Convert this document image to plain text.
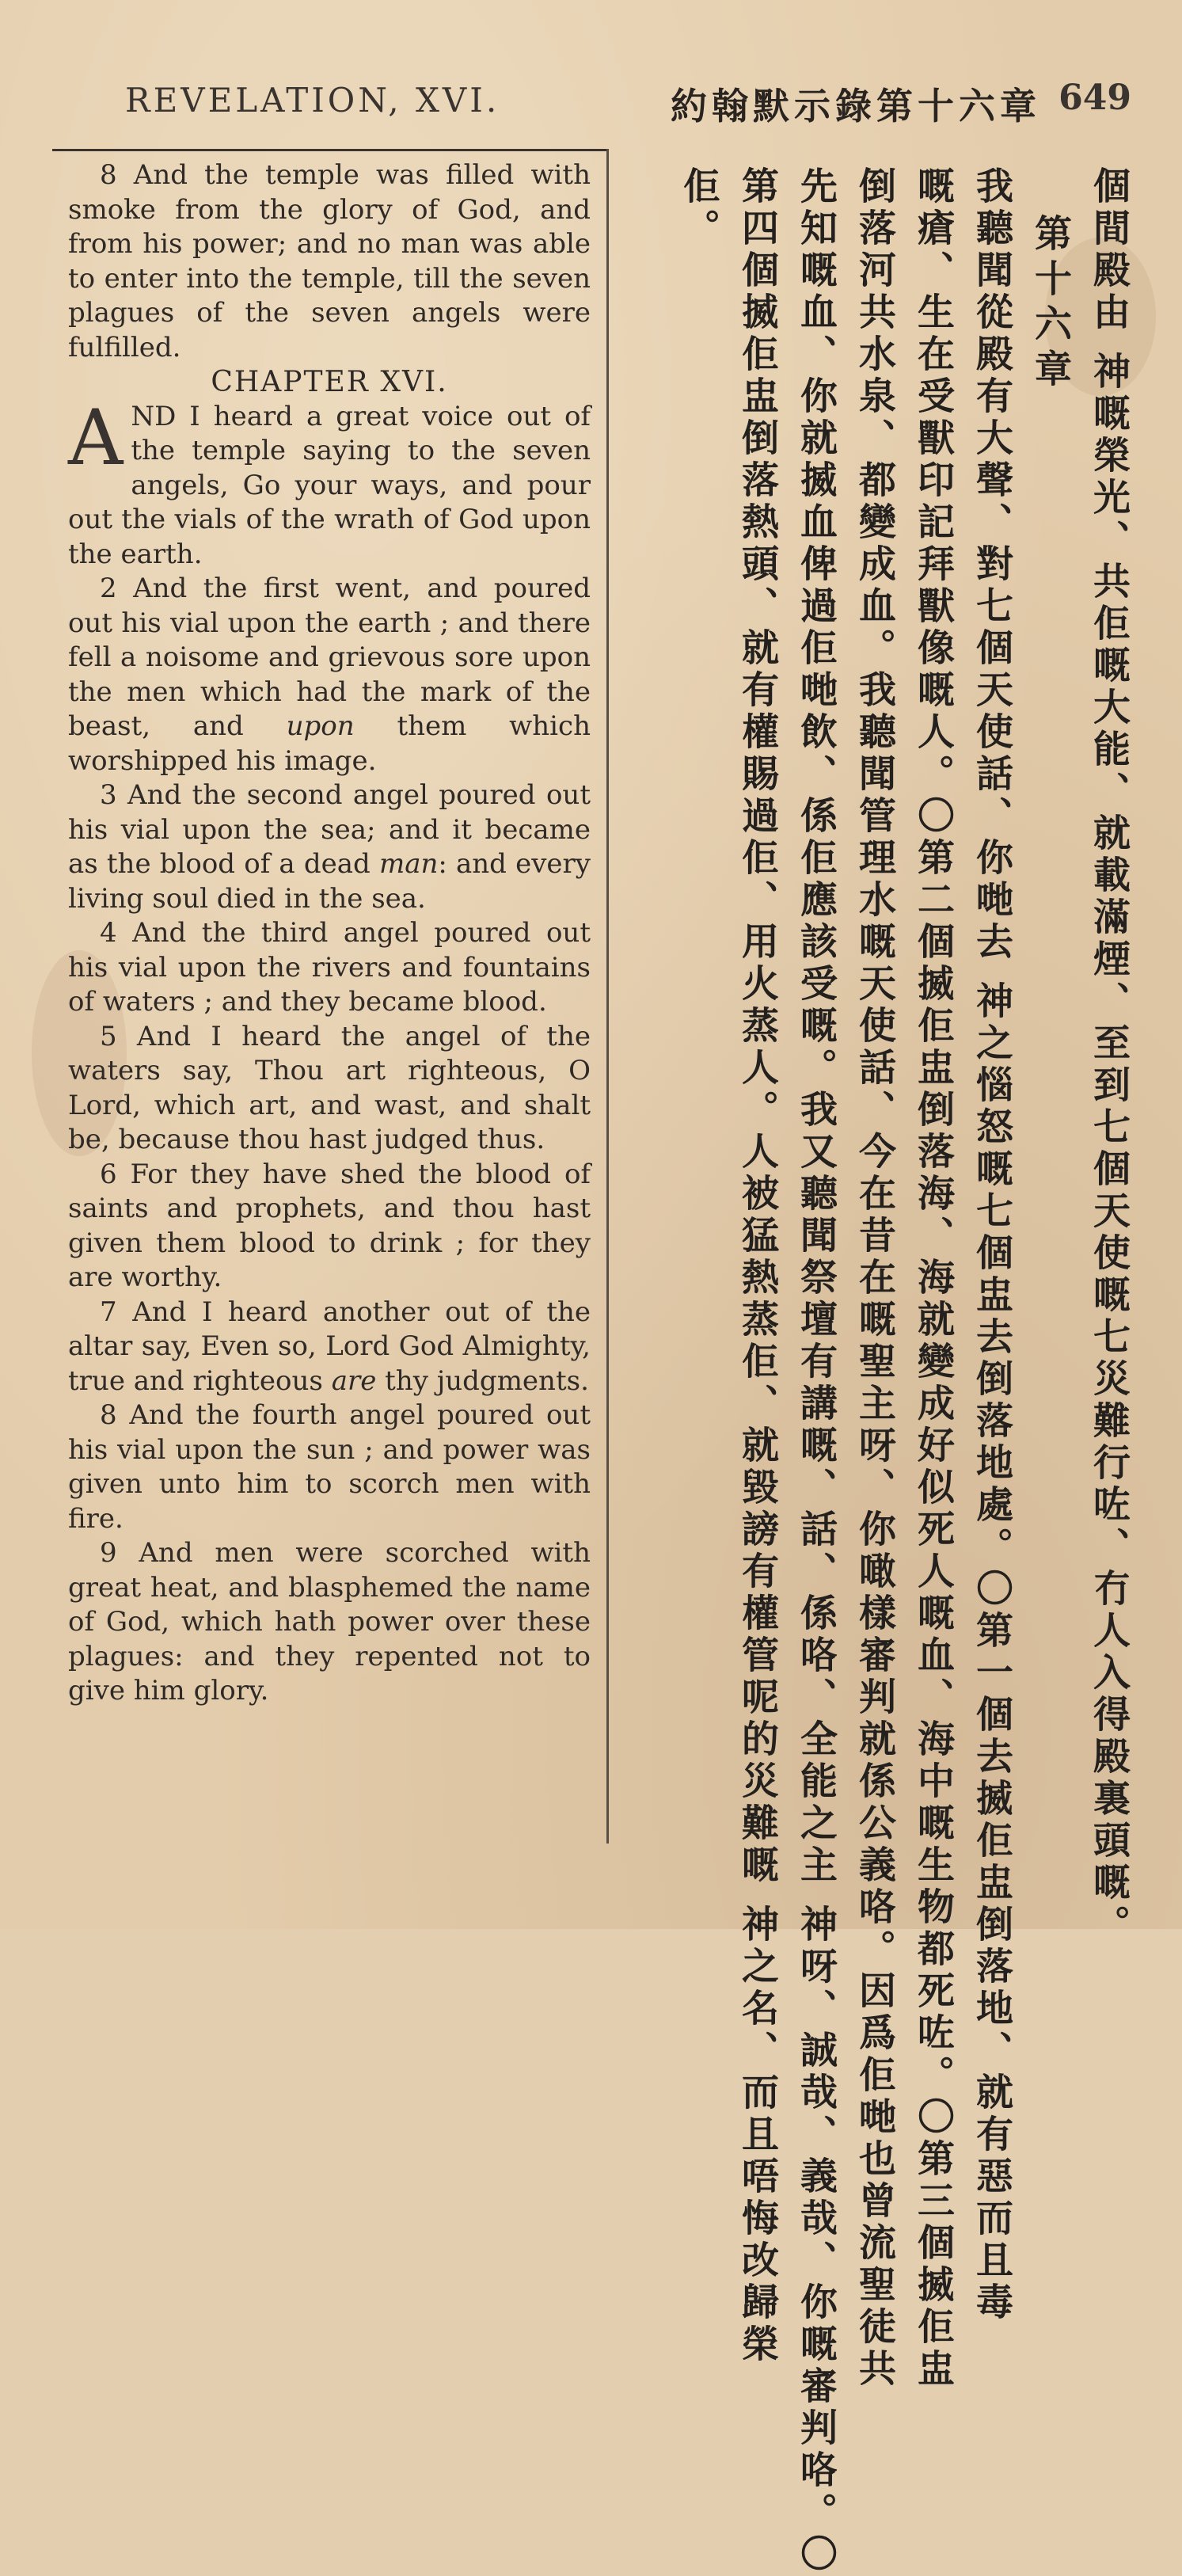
REVELATION, XVI.	約翰默示錄第十六章 649

8 And the temple was filled with smoke from the glory of God, and from his power; and no man was able to enter into the temple, till the seven plagues of the seven angels were fulfilled.

CHAPTER XVI.

AND I heard a great voice out of the temple saying to the seven angels, Go your ways, and pour out the vials of the wrath of God upon the earth.

2 And the first went, and poured out his vial upon the earth ; and there fell a noisome and grievous sore upon the men which had the mark of the beast, and upon them which worshipped his image.

3 And the second angel poured out his vial upon the sea; and it became as the blood of a dead man: and every living soul died in the sea.

4 And the third angel poured out his vial upon the rivers and fountains of waters ; and they became blood.

5 And I heard the angel of the waters say, Thou art righteous, O Lord, which art, and wast, and shalt be, because thou hast judged thus.

6 For they have shed the blood of saints and prophets, and thou hast given them blood to drink ; for they are worthy.

7 And I heard another out of the altar say, Even so, Lord God Almighty, true and righteous are thy judgments.

8 And the fourth angel poured out his vial upon the sun ; and power was given unto him to scorch men with fire.

9 And men were scorched with great heat, and blasphemed the name of God, which hath power over these plagues: and they repented not to give him glory.	個間殿由 神嘅榮光、共佢嘅大能、就載滿煙、至到七個天使嘅七災難行咗、冇人入得殿裏頭嘅。
第十六章
我聽聞從殿有大聲、對七個天使話、你哋去 神之惱怒嘅七個盅去倒落地處。〇第一個去揻佢盅倒落地、就有惡而且毒
嘅瘡、生在受獸印記拜獸像嘅人。〇第二個揻佢盅倒落海、海就變成好似死人嘅血、海中嘅生物都死咗。〇第三個揻佢盅
倒落河共水泉、都變成血。我聽聞管理水嘅天使話、今在昔在嘅聖主呀、你噉樣審判就係公義咯。因爲佢哋也曾流聖徒共
先知嘅血、你就揻血俾過佢哋飲、係佢應該受嘅。我又聽聞祭壇有講嘅、話、係咯、全能之主 神呀、誠哉、義哉、你嘅審判咯。〇
第四個揻佢盅倒落熱頭、就有權賜過佢、用火蒸人。人被猛熱蒸佢、就毀謗有權管呢的災難嘅 神之名、而且唔悔改歸榮
佢。
